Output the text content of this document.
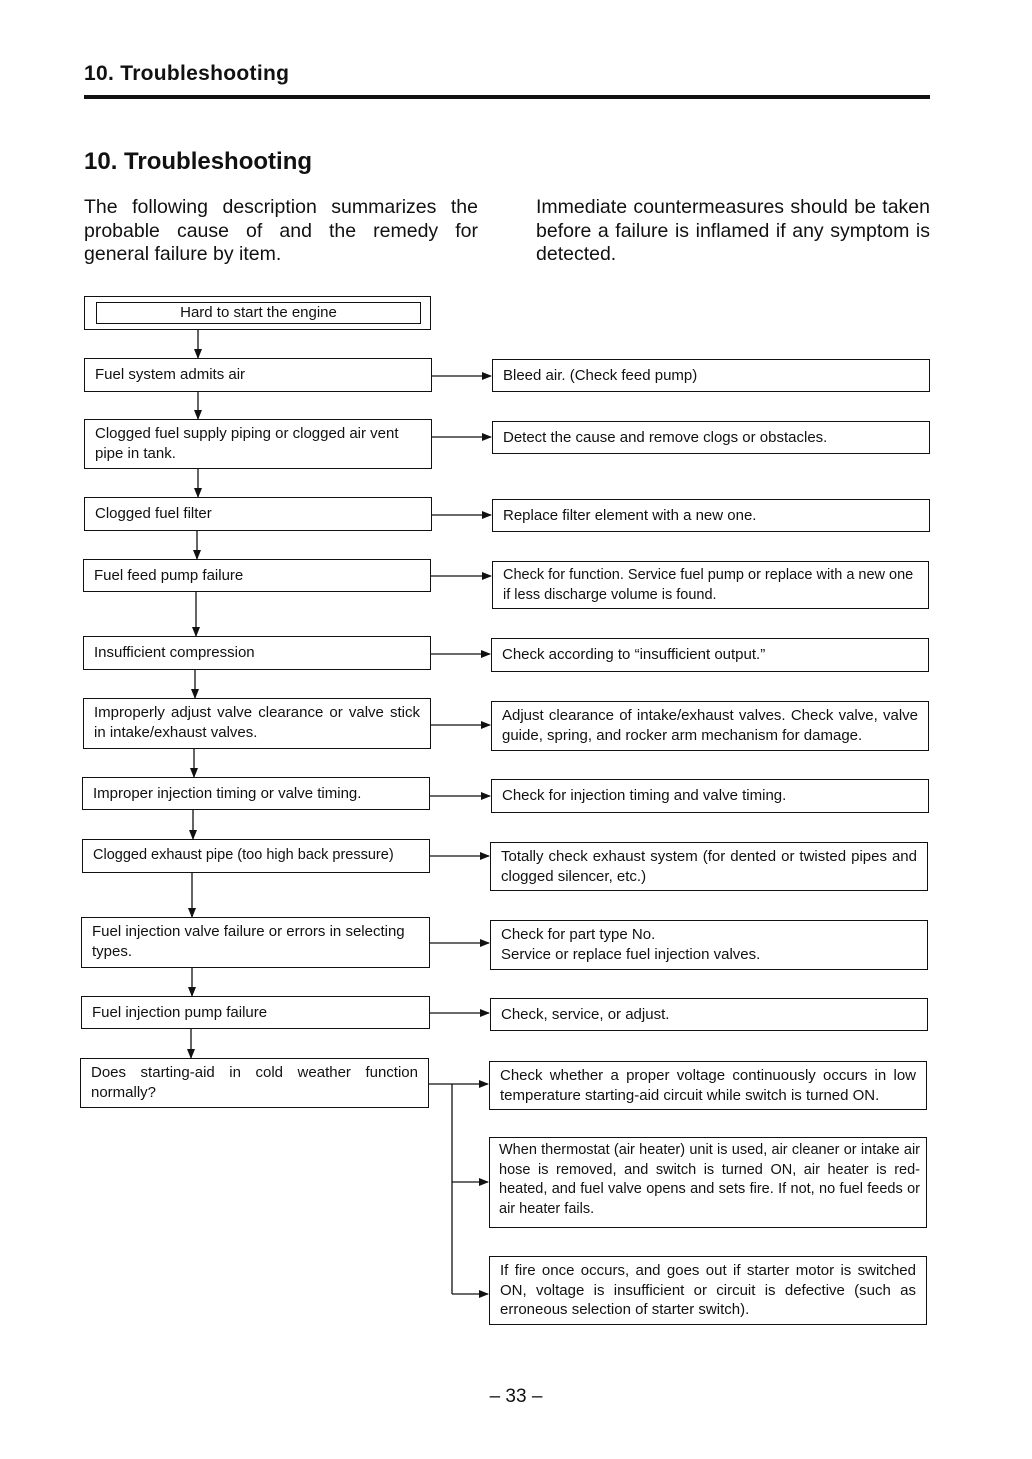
10. Troubleshooting
10. Troubleshooting
The following description summarizes the probable cause of and the remedy for general failure by item.
Immediate countermeasures should be taken before a failure is inflamed if any symptom is detected.
Hard to start the engine
Fuel system admits air
Clogged fuel supply piping or clogged air vent pipe in tank.
Clogged fuel filter
Fuel feed pump failure
Insufficient compression
Improperly adjust valve clearance or valve stick in intake/exhaust valves.
Improper injection timing or valve timing.
Clogged exhaust pipe (too high back pressure)
Fuel injection valve failure or errors in selecting types.
Fuel injection pump failure
Does starting-aid in cold weather function normally?
Bleed air. (Check feed pump)
Detect the cause and remove clogs or obstacles.
Replace filter element with a new one.
Check for function. Service fuel pump or replace with a new one if less discharge volume is found.
Check according to “insufficient output.”
Adjust clearance of intake/exhaust valves. Check valve, valve guide, spring, and rocker arm mechanism for damage.
Check for injection timing and valve timing.
Totally check exhaust system (for dented or twisted pipes and clogged silencer, etc.)
Check for part type No.
Service or replace fuel injection valves.
Check, service, or adjust.
Check whether a proper voltage continuously occurs in low temperature starting-aid circuit while switch is turned ON.
When thermostat (air heater) unit is used, air cleaner or intake air hose is removed, and switch is turned ON, air heater is red-heated, and fuel valve opens and sets fire. If not, no fuel feeds or air heater fails.
If fire once occurs, and goes out if starter motor is switched ON, voltage is insufficient or circuit is defective (such as erroneous selection of starter switch).
– 33 –
